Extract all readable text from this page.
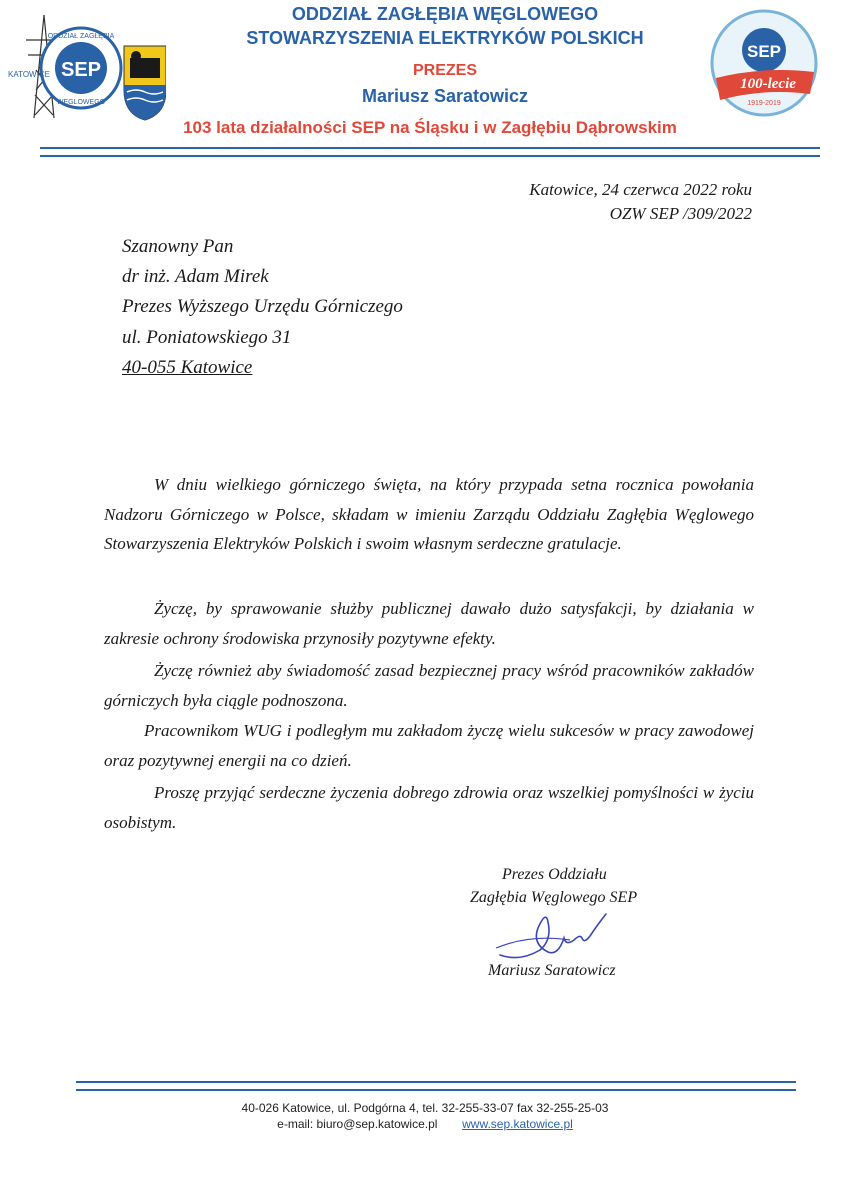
SEP
ODDZIAŁ ZAGŁĘBIA
WĘGLOWEGO
KATOWICE
SEP
100-lecie
1919-2019
ODDZIAŁ ZAGŁĘBIA WĘGLOWEGO
STOWARZYSZENIA ELEKTRYKÓW POLSKICH
PREZES
Mariusz Saratowicz
103 lata działalności SEP na Śląsku i w Zagłębiu Dąbrowskim
Katowice, 24 czerwca 2022 roku
OZW SEP /309/2022
Szanowny Pan
dr inż. Adam Mirek
Prezes Wyższego Urzędu Górniczego
ul. Poniatowskiego 31
40-055 Katowice
W dniu wielkiego górniczego święta, na który przypada setna rocznica powołania Nadzoru Górniczego w Polsce, składam w imieniu Zarządu Oddziału Zagłębia Węglowego Stowarzyszenia Elektryków Polskich i swoim własnym serdeczne gratulacje.
Życzę, by sprawowanie służby publicznej dawało dużo satysfakcji, by działania w zakresie ochrony środowiska przynosiły pozytywne efekty.
Życzę również aby świadomość zasad bezpiecznej pracy wśród pracowników zakładów górniczych była ciągle podnoszona.
Pracownikom WUG i podległym mu zakładom życzę wielu sukcesów w pracy zawodowej oraz pozytywnej energii na co dzień.
Proszę przyjąć serdeczne życzenia dobrego zdrowia oraz wszelkiej pomyślności w życiu osobistym.
Prezes Oddziału
Zagłębia Węglowego SEP
Mariusz Saratowicz
40-026 Katowice, ul. Podgórna 4, tel. 32-255-33-07 fax 32-255-25-03
e-mail: biuro@sep.katowice.pl www.sep.katowice.pl
